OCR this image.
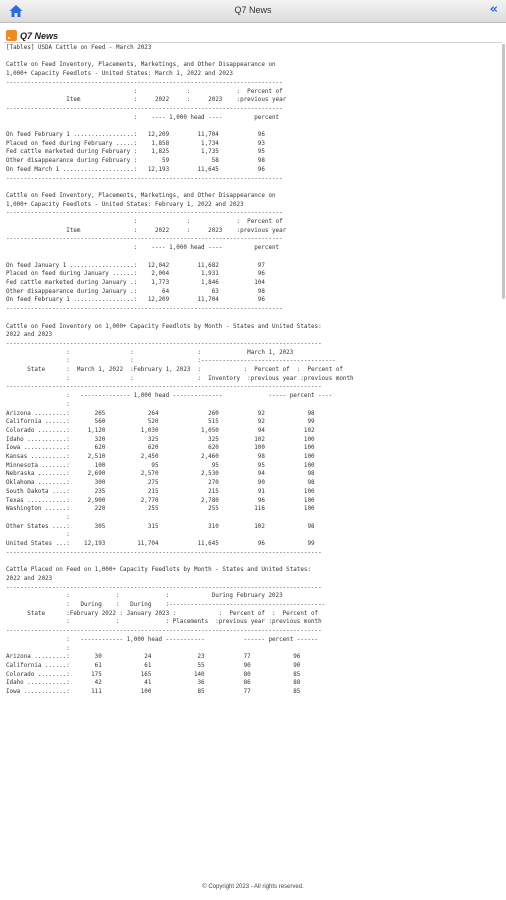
Q7 News	«
Q7 News
[Tables] USDA Cattle on Feed - March 2023

Cattle on Feed Inventory, Placements, Marketings, and Other Disappearance on
1,000+ Capacity Feedlots - United States: March 1, 2022 and 2023
------------------------------------------------------------------------------
:              :             :  Percent of
Item               :     2022     :     2023    :previous year
------------------------------------------------------------------------------
:    ---- 1,000 head ----         percent

On feed February 1 .................:   12,209        11,704           96
Placed on feed during February .....:    1,858         1,734           93
Fed cattle marketed during February :    1,825         1,735           95
Other disappearance during February :       59            58           98
On feed March 1 ....................:   12,193        11,645           96
------------------------------------------------------------------------------

Cattle on Feed Inventory, Placements, Marketings, and Other Disappearance on
1,000+ Capacity Feedlots - United States: February 1, 2022 and 2023
------------------------------------------------------------------------------
:              :             :  Percent of
Item               :     2022     :     2023    :previous year
------------------------------------------------------------------------------
:    ---- 1,000 head ----         percent

On feed January 1 ..................:   12,042        11,682           97
Placed on feed during January ......:    2,004         1,931           96
Fed cattle marketed during January .:    1,773         1,846          104
Other disappearance during January .:       64            63           98
On feed February 1 .................:   12,209        11,704           96
------------------------------------------------------------------------------

Cattle on Feed Inventory on 1,000+ Capacity Feedlots by Month - States and United States:
2022 and 2023
-----------------------------------------------------------------------------------------
:                 :                  :             March 1, 2023
:                 :                  :--------------------------------------
State      :  March 1, 2022  :February 1, 2023  :            :  Percent of  :  Percent of
:                 :                  :  Inventory  :previous year :previous month
-----------------------------------------------------------------------------------------
:   -------------- 1,000 head --------------             ----- percent ----
:
Arizona .........:       265            264              260           92            98
California ......:       560            520              515           92            99
Colorado ........:     1,120          1,030            1,050           94           102
Idaho ...........:       320            325              325          102           100
Iowa ............:       620            620              620          100           100
Kansas ..........:     2,510          2,450            2,460           98           100
Minnesota .......:       100             95               95           95           100
Nebraska ........:     2,690          2,570            2,530           94            98
Oklahoma ........:       300            275              270           90            98
South Dakota ....:       235            215              215           91           100
Texas ...........:     2,900          2,770            2,780           96           100
Washington ......:       220            255              255          116           100
:
Other States ....:       305            315              310          102            98
:
United States ...:    12,193         11,704           11,645           96            99
-----------------------------------------------------------------------------------------

Cattle Placed on Feed on 1,000+ Capacity Feedlots by Month - States and United States:
2022 and 2023
-----------------------------------------------------------------------------------------
:             :             :            During February 2023
:   During    :   During    :--------------------------------------------
State      :February 2022 : January 2023 :            :  Percent of  :  Percent of
:             :             : Placements  :previous year :previous month
-----------------------------------------------------------------------------------------
:   ------------ 1,000 head -----------           ------ percent ------
:
Arizona .........:       30            24             23           77            96
California ......:       61            61             55           90            90
Colorado ........:      175           165            140           80            85
Idaho ...........:       42            41             36           86            88
Iowa ............:      111           100             85           77            85
© Copyright 2023 - All rights reserved.
